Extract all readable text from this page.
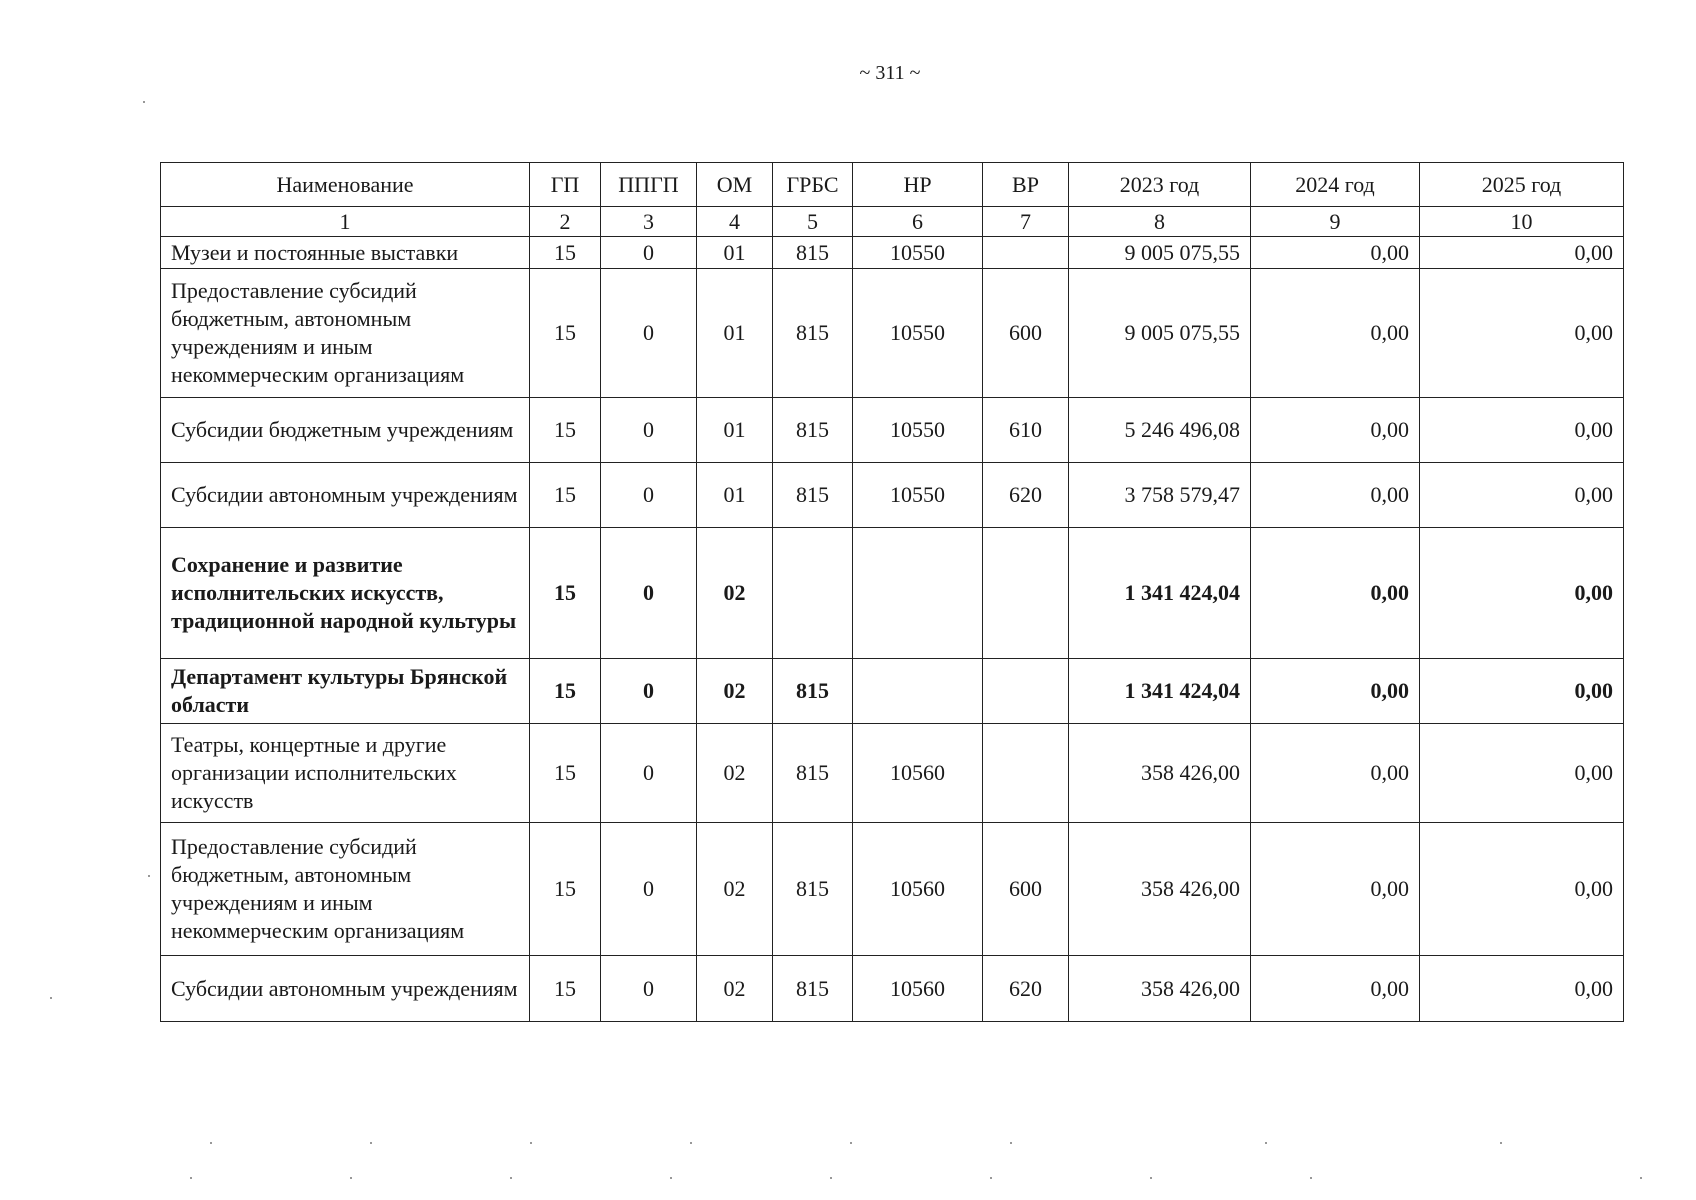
~ 311 ~
Наименование	ГП	ППГП	ОМ	ГРБС	НР	ВР	2023 год	2024 год	2025 год
1	2	3	4	5	6	7	8	9	10
Музеи и постоянные выставки	15	0	01	815	10550		9 005 075,55	0,00	0,00
Предоставление субсидий бюджетным, автономным учреждениям и иным некоммерческим организациям	15	0	01	815	10550	600	9 005 075,55	0,00	0,00
Субсидии бюджетным учреждениям	15	0	01	815	10550	610	5 246 496,08	0,00	0,00
Субсидии автономным учреждениям	15	0	01	815	10550	620	3 758 579,47	0,00	0,00
Сохранение и развитие исполнительских искусств, традиционной народной культуры	15	0	02				1 341 424,04	0,00	0,00
Департамент культуры Брянской области	15	0	02	815			1 341 424,04	0,00	0,00
Театры, концертные и другие организации исполнительских искусств	15	0	02	815	10560		358 426,00	0,00	0,00
Предоставление субсидий бюджетным, автономным учреждениям и иным некоммерческим организациям	15	0	02	815	10560	600	358 426,00	0,00	0,00
Субсидии автономным учреждениям	15	0	02	815	10560	620	358 426,00	0,00	0,00
